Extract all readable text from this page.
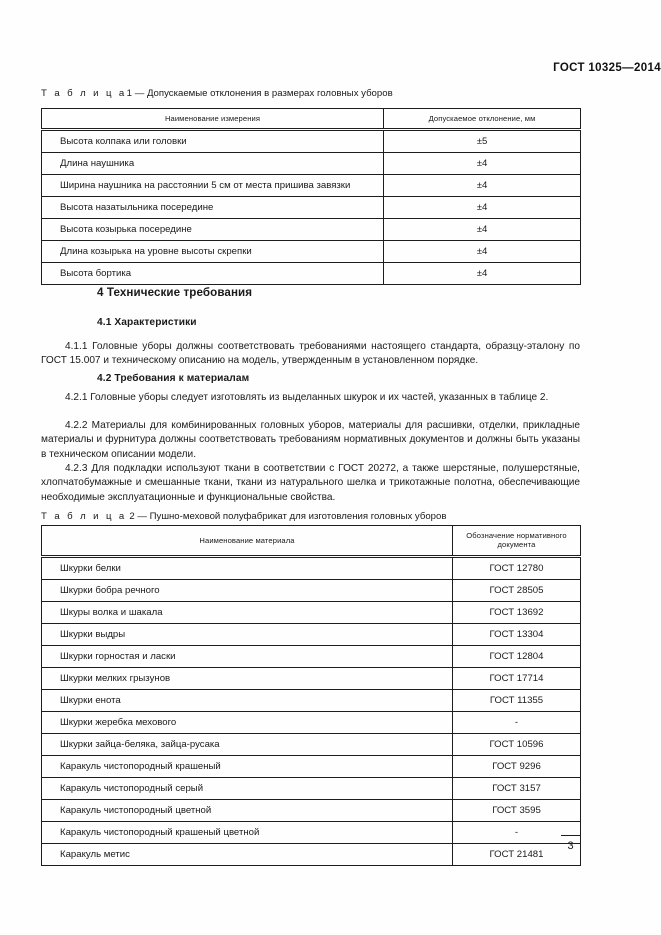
ГОСТ 10325—2014
Т а б л и ц а1 — Допускаемые отклонения в размерах головных уборов
Наименование измерения	Допускаемое отклонение, мм
Высота колпака или головки	±5
Длина наушника	±4
Ширина наушника на расстоянии 5 см от места пришива завязки	±4
Высота назатыльника посередине	±4
Высота козырька посередине	±4
Длина козырька на уровне высоты скрепки	±4
Высота бортика	±4
4 Технические требования
4.1 Характеристики

4.1.1 Головные уборы должны соответствовать требованиями настоящего стандарта, образцу-эталону по ГОСТ 15.007 и техническому описанию на модель, утвержденным в установленном порядке.

4.2 Требования к материалам

4.2.1 Головные уборы следует изготовлять из выделанных шкурок и их частей, указанных в таблице 2.

4.2.2 Материалы для комбинированных головных уборов, материалы для расшивки, отделки, прикладные материалы и фурнитура должны соответствовать требованиям нормативных документов и должны быть указаны в техническом описании модели.

4.2.3 Для подкладки используют ткани в соответствии с ГОСТ 20272, а также шерстяные, полушерстяные, хлопчатобумажные и смешанные ткани, ткани из натурального шелка и трикотажные полотна, обеспечивающие необходимые эксплуатационные и функциональные свойства.

Т а б л и ц а 2 — Пушно-меховой полуфабрикат для изготовления головных уборов
Наименование материала	Обозначение нормативного документа
Шкурки белки	ГОСТ 12780
Шкурки бобра речного	ГОСТ 28505
Шкуры волка и шакала	ГОСТ 13692
Шкурки выдры	ГОСТ 13304
Шкурки горностая и ласки	ГОСТ 12804
Шкурки мелких грызунов	ГОСТ 17714
Шкурки енота	ГОСТ 11355
Шкурки жеребка мехового	-
Шкурки зайца-беляка, зайца-русака	ГОСТ 10596
Каракуль чистопородный крашеный	ГОСТ 9296
Каракуль чистопородный серый	ГОСТ 3157
Каракуль чистопородный цветной	ГОСТ 3595
Каракуль чистопородный крашеный цветной	-
Каракуль метис	ГОСТ 21481
3
